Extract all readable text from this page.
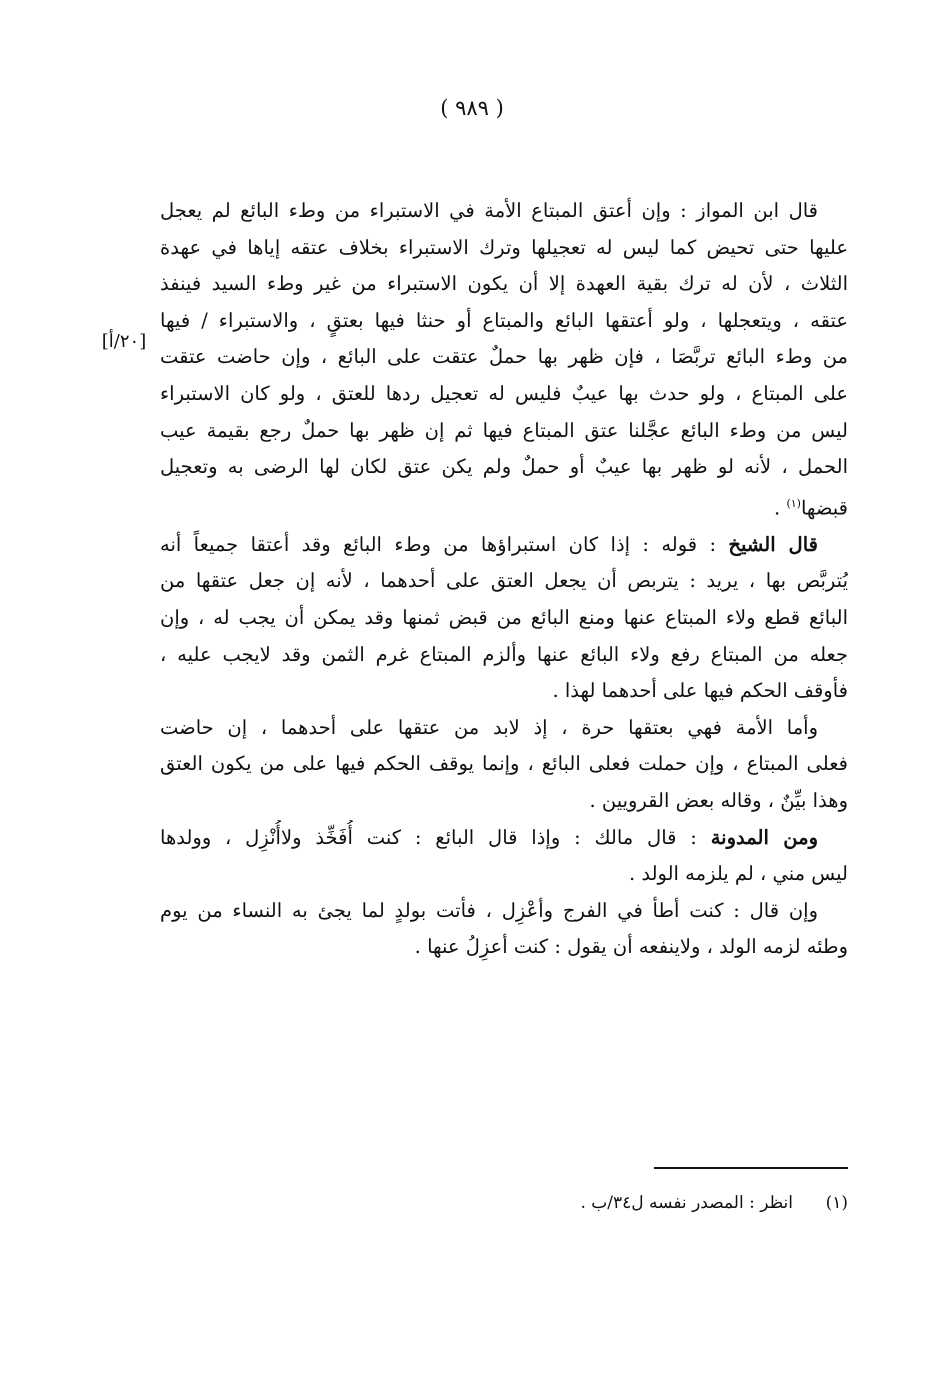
( ٩٨٩ )
[٢٠/أ]
قال ابن المواز : وإن أعتق المبتاع الأمة في الاستبراء من وطء البائع لم يعجل
عليها حتى تحيض كما ليس له تعجيلها وترك الاستبراء بخلاف عتقه إياها في عهدة
الثلاث ، لأن له ترك بقية العهدة إلا أن يكون الاستبراء من غير وطء السيد فينفذ
عتقه ، ويتعجلها ، ولو أعتقها البائع والمبتاع أو حنثا فيها بعتقٍ ، والاستبراء / فيها
من وطء البائع تربَّصَا ، فإن ظهر بها حملٌ عتقت على البائع ، وإن حاضت عتقت
على المبتاع ، ولو حدث بها عيبٌ فليس له تعجيل ردها للعتق ، ولو كان الاستبراء
ليس من وطء البائع عجَّلنا عتق المبتاع فيها ثم إن ظهر بها حملٌ رجع بقيمة عيب
الحمل ، لأنه لو ظهر بها عيبٌ أو حملٌ ولم يكن عتق لكان لها الرضى به وتعجيل
قبضها$^{(١)}$ .
قال الشيخ : قوله : إذا كان استبراؤها من وطء البائع وقد أعتقا جميعاً أنه
يُتربَّص بها ، يريد : يتربص أن يجعل العتق على أحدهما ، لأنه إن جعل عتقها من
البائع قطع ولاء المبتاع عنها ومنع البائع من قبض ثمنها وقد يمكن أن يجب له ، وإن
جعله من المبتاع رفع ولاء البائع عنها وألزم المبتاع غرم الثمن وقد لايجب عليه ،
فأوقف الحكم فيها على أحدهما لهذا .
وأما الأمة فهي بعتقها حرة ، إذ لابد من عتقها على أحدهما ، إن حاضت
فعلى المبتاع ، وإن حملت فعلى البائع ، وإنما يوقف الحكم فيها على من يكون العتق
وهذا بيِّنٌ ، وقاله بعض القرويين .
ومن المدونة : قال مالك : وإذا قال البائع : كنت أُفَخِّذ ولاأُنْزِل ، وولدها
ليس مني ، لم يلزمه الولد .
وإن قال : كنت أطأ في الفرج وأعْزِل ، فأتت بولدٍ لما يجئ به النساء من يوم
وطئه لزمه الولد ، ولاينفعه أن يقول : كنت أعزِلُ عنها .
(١)انظر : المصدر نفسه ل٣٤/ب .
